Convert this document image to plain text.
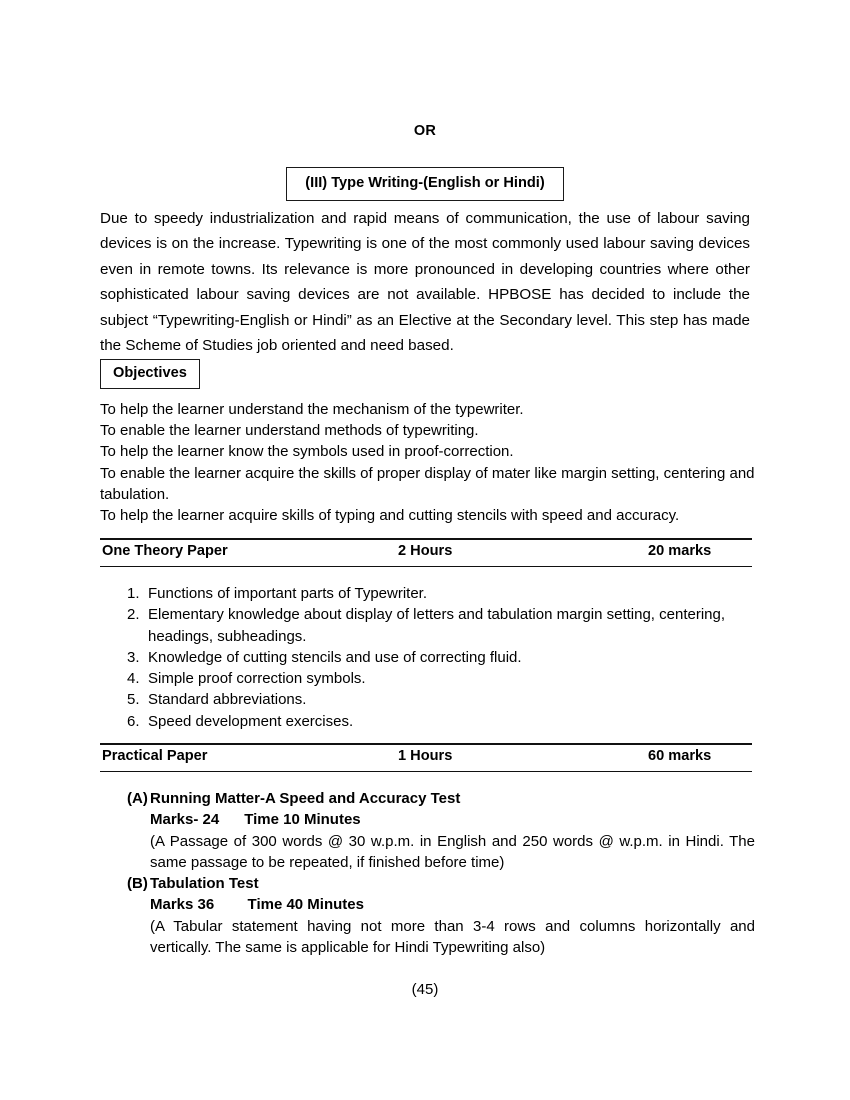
OR
(III) Type Writing-(English or Hindi)
Due to speedy industrialization and rapid means of communication, the use of labour saving devices is on the increase. Typewriting is one of the most commonly used labour saving devices even in remote towns. Its relevance is more pronounced in developing countries where other sophisticated labour saving devices are not available. HPBOSE has decided to include the subject “Typewriting-English or Hindi” as an Elective at the Secondary level. This step has made the Scheme of Studies job oriented and need based.
Objectives
To help the learner understand the mechanism of the typewriter.
To enable the learner understand methods of typewriting.
To help the learner know the symbols used in proof-correction.
To enable the learner acquire the skills of proper display of mater like margin setting, centering and tabulation.
To help the learner acquire skills of typing and cutting stencils with speed and accuracy.
One Theory Paper	2 Hours	20 marks
1. Functions of important parts of Typewriter.
2. Elementary knowledge about display of letters and tabulation margin setting, centering, headings, subheadings.
3. Knowledge of cutting stencils and use of correcting fluid.
4. Simple proof correction symbols.
5. Standard abbreviations.
6. Speed development exercises.
Practical Paper	1 Hours	60 marks
(A) Running Matter-A Speed and Accuracy Test
Marks- 24      Time 10 Minutes
(A Passage of 300 words @ 30 w.p.m. in English and 250 words @ w.p.m. in Hindi. The same passage to be repeated, if finished before time)
(B) Tabulation Test
Marks 36        Time 40 Minutes
(A Tabular statement having not more than 3-4 rows and columns horizontally and vertically. The same is applicable for Hindi Typewriting also)
(45)
